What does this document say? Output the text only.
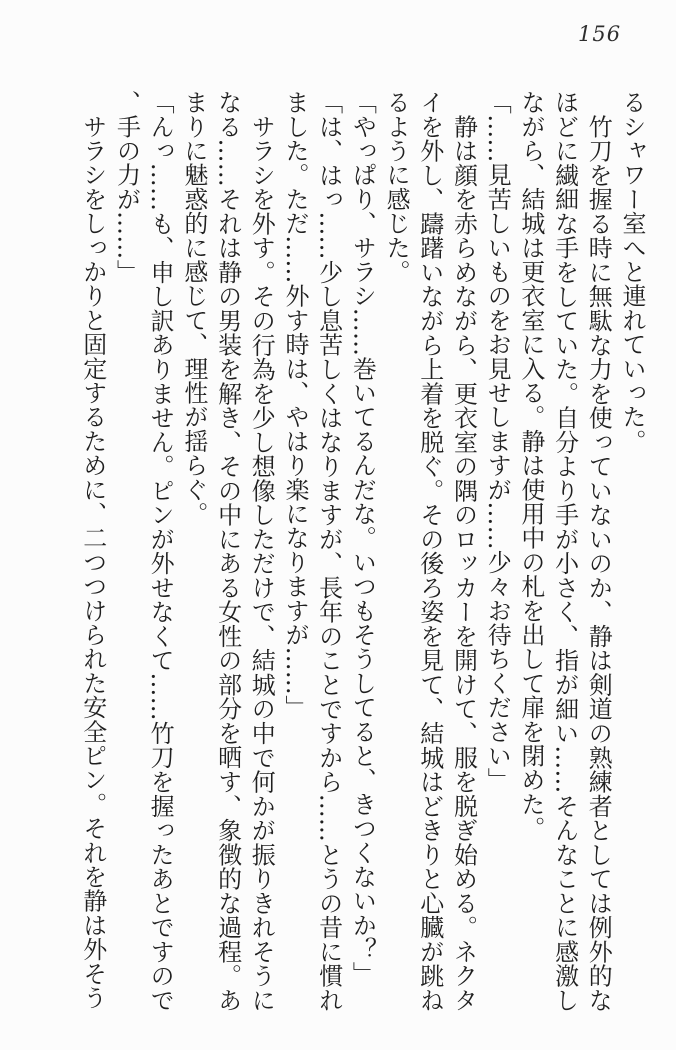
156

るシャワー室へと連れていった。

　竹刀を握る時に無駄な力を使っていないのか、静は剣道の熟練者としては例外的なほどに繊細な手をしていた。自分より手が小さく、指が細い……そんなことに感激しながら、結城は更衣室に入る。静は使用中の札を出して扉を閉めた。

「……見苦しいものをお見せしますが……少々お待ちください」

　静は顔を赤らめながら、更衣室の隅のロッカーを開けて、服を脱ぎ始める。ネクタイを外し、躊躇いながら上着を脱ぐ。その後ろ姿を見て、結城はどきりと心臓が跳ねるように感じた。

「やっぱり、サラシ……巻いてるんだな。いつもそうしてると、きつくないか？」

「は、はっ……少し息苦しくはなりますが、長年のことですから……とうの昔に慣れました。ただ……外す時は、やはり楽になりますが……」

　サラシを外す。その行為を少し想像しただけで、結城の中で何かが振りきれそうになる……それは静の男装を解き、その中にある女性の部分を晒す、象徴的な過程。あまりに魅惑的に感じて、理性が揺らぐ。

「んっ……も、申し訳ありません。ピンが外せなくて……竹刀を握ったあとですので、手の力が……」

　サラシをしっかりと固定するために、二つつけられた安全ピン。それを静は外そう
